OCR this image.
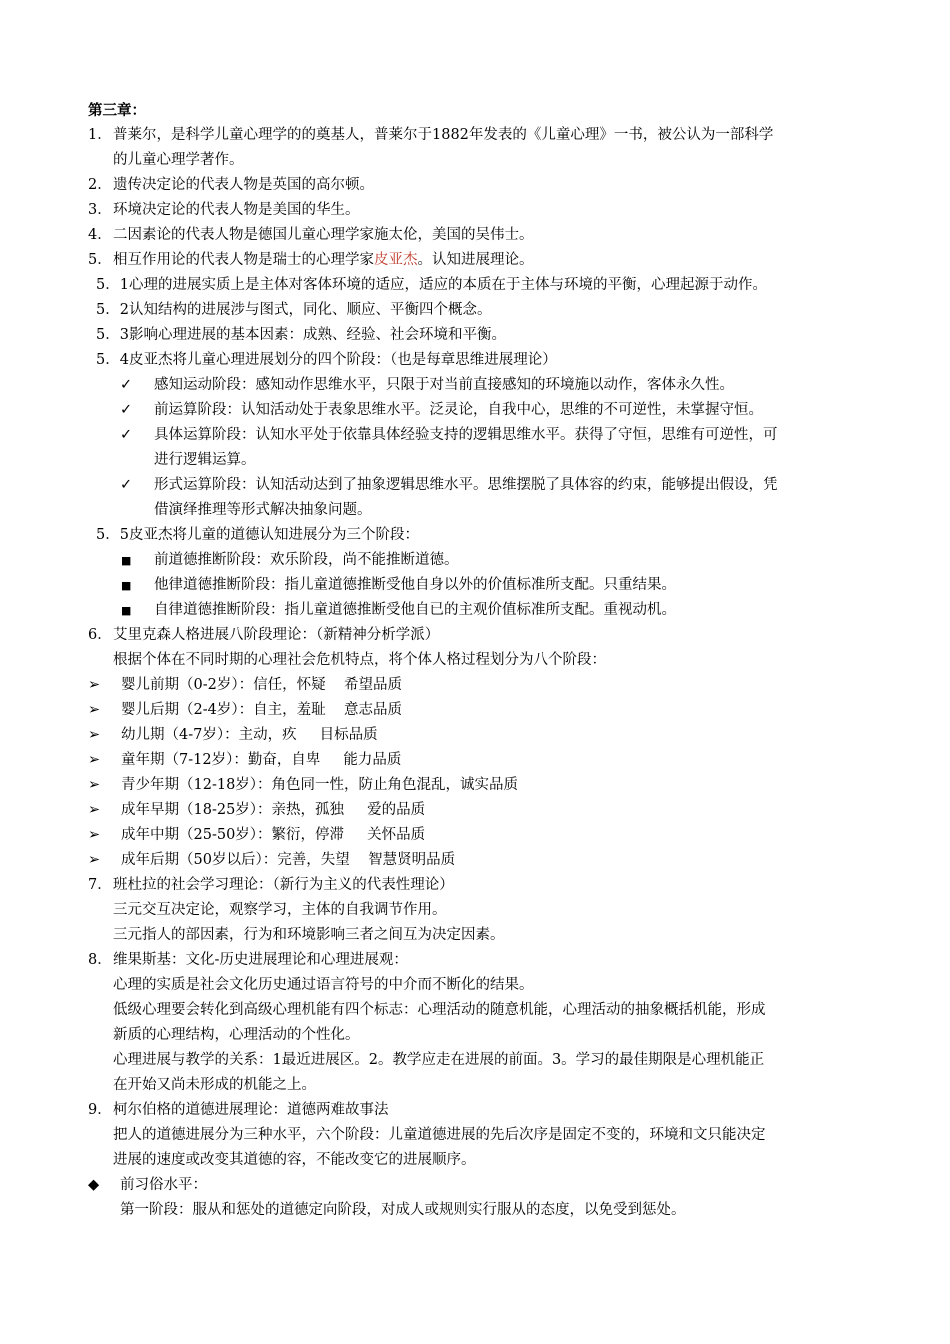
第三章：
1． 普莱尔，是科学儿童心理学的的奠基人，普莱尔于1882年发表的《儿童心理》一书，被公认为一部科学
的儿童心理学著作。
2． 遗传决定论的代表人物是英国的高尔顿。
3． 环境决定论的代表人物是美国的华生。
4． 二因素论的代表人物是德国儿童心理学家施太伦，美国的吴伟士。
5． 相互作用论的代表人物是瑞士的心理学家皮亚杰。认知进展理论。
5．1心理的进展实质上是主体对客体环境的适应，适应的本质在于主体与环境的平衡，心理起源于动作。
5．2认知结构的进展涉与图式，同化、顺应、平衡四个概念。
5．3影响心理进展的基本因素：成熟、经验、社会环境和平衡。
5．4皮亚杰将儿童心理进展划分的四个阶段：（也是每章思维进展理论）
✓ 感知运动阶段：感知动作思维水平，只限于对当前直接感知的环境施以动作，客体永久性。
✓ 前运算阶段：认知活动处于表象思维水平。泛灵论，自我中心，思维的不可逆性，未掌握守恒。
✓ 具体运算阶段：认知水平处于依靠具体经验支持的逻辑思维水平。获得了守恒，思维有可逆性，可
进行逻辑运算。
✓ 形式运算阶段：认知活动达到了抽象逻辑思维水平。思维摆脱了具体容的约束，能够提出假设，凭
借演绎推理等形式解决抽象问题。
5．5皮亚杰将儿童的道德认知进展分为三个阶段：
■ 前道德推断阶段：欢乐阶段，尚不能推断道德。
■ 他律道德推断阶段：指儿童道德推断受他自身以外的价值标准所支配。只重结果。
■ 自律道德推断阶段：指儿童道德推断受他自已的主观价值标准所支配。重视动机。
6． 艾里克森人格进展八阶段理论：（新精神分析学派）
根据个体在不同时期的心理社会危机特点，将个体人格过程划分为八个阶段：
➢ 婴儿前期（0-2岁）：信任，怀疑    希望品质
➢ 婴儿后期（2-4岁）：自主，羞耻    意志品质
➢ 幼儿期（4-7岁）：主动，疚     目标品质
➢ 童年期（7-12岁）：勤奋，自卑     能力品质
➢ 青少年期（12-18岁）：角色同一性，防止角色混乱，诚实品质
➢ 成年早期（18-25岁）：亲热，孤独     爱的品质
➢ 成年中期（25-50岁）：繁衍，停滞     关怀品质
➢ 成年后期（50岁以后）：完善，失望    智慧贤明品质
7． 班杜拉的社会学习理论：（新行为主义的代表性理论）
三元交互决定论，观察学习，主体的自我调节作用。
三元指人的部因素，行为和环境影响三者之间互为决定因素。
8． 维果斯基：文化-历史进展理论和心理进展观：
心理的实质是社会文化历史通过语言符号的中介而不断化的结果。
低级心理要会转化到高级心理机能有四个标志：心理活动的随意机能，心理活动的抽象概括机能，形成
新质的心理结构，心理活动的个性化。
心理进展与教学的关系：1最近进展区。2。教学应走在进展的前面。3。学习的最佳期限是心理机能正
在开始又尚未形成的机能之上。
9． 柯尔伯格的道德进展理论：道德两难故事法
把人的道德进展分为三种水平，六个阶段：儿童道德进展的先后次序是固定不变的，环境和文只能决定
进展的速度或改变其道德的容，不能改变它的进展顺序。
◆ 前习俗水平：
第一阶段：服从和惩处的道德定向阶段，对成人或规则实行服从的态度，以免受到惩处。
